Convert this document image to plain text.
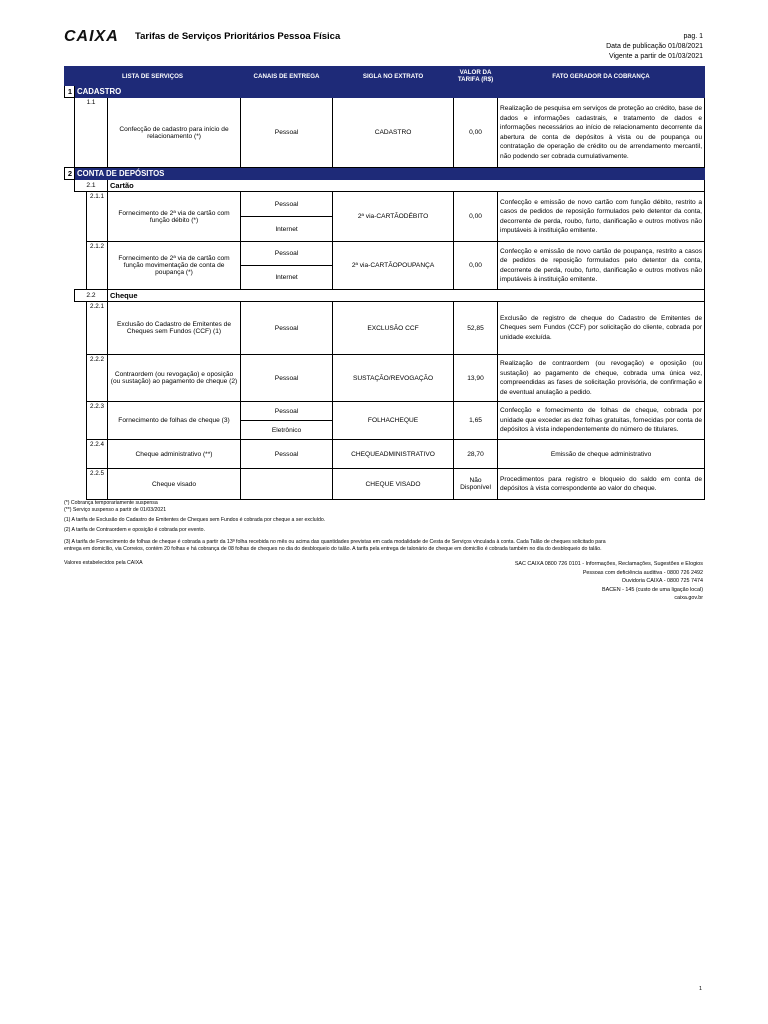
CAIXA Tarifas de Serviços Prioritários Pessoa Física	pag. 1
Data de publicação 01/08/2021
Vigente a partir de 01/03/2021
LISTA DE SERVIÇOS				CANAIS DE ENTREGA	SIGLA NO EXTRATO	VALOR DA TARIFA (R$)	FATO GERADOR DA COBRANÇA
1	CADASTRO						
	1.1		Confecção de cadastro para início de relacionamento (*)	Pessoal	CADASTRO	0,00	Realização de pesquisa em serviços de proteção ao crédito, base de dados e informações cadastrais, e tratamento de dados e informações necessários ao início de relacionamento decorrente da abertura de conta de depósitos à vista ou de poupança ou contratação de operação de crédito ou de arrendamento mercantil, não podendo ser cobrada cumulativamente.
2	CONTA DE DEPÓSITOS						
	2.1		Cartão				
		2.1.1	Fornecimento de 2ª via de cartão com função débito (*)	Pessoal	2ª via-CARTÃODÉBITO	0,00	Confecção e emissão de novo cartão com função débito, restrito a casos de pedidos de reposição formulados pelo detentor da conta, decorrente de perda, roubo, furto, danificação e outros motivos não imputáveis à instituição emitente.
				Internet			
		2.1.2	Fornecimento de 2ª via de cartão com função movimentação de conta de poupança (*)	Pessoal	2ª via-CARTÃOPOUPANÇA	0,00	Confecção e emissão de novo cartão de poupança, restrito a casos de pedidos de reposição formulados pelo detentor da conta, decorrente de perda, roubo, furto, danificação e outros motivos não imputáveis à instituição emitente.
				Internet			
	2.2		Cheque				
		2.2.1	Exclusão do Cadastro de Emitentes de Cheques sem Fundos (CCF) (1)	Pessoal	EXCLUSÃO CCF	52,85	Exclusão de registro de cheque do Cadastro de Emitentes de Cheques sem Fundos (CCF) por solicitação do cliente, cobrada por unidade excluída.
		2.2.2	Contraordem (ou revogação) e oposição (ou sustação) ao pagamento de cheque (2)	Pessoal	SUSTAÇÃO/REVOGAÇÃO	13,90	Realização de contraordem (ou revogação) e oposição (ou sustação) ao pagamento de cheque, cobrada uma única vez, compreendidas as fases de solicitação provisória, de confirmação e de eventual anulação a pedido.
		2.2.3	Fornecimento de folhas de cheque (3)	Pessoal	FOLHACHEQUE	1,65	Confecção e fornecimento de folhas de cheque, cobrada por unidade que exceder as dez folhas gratuitas, fornecidas por conta de depósitos à vista independentemente do número de titulares.
				Eletrônico			
		2.2.4	Cheque administrativo (**)	Pessoal	CHEQUEADMINISTRATIVO	28,70	Emissão de cheque administrativo
		2.2.5	Cheque visado		CHEQUE VISADO	Não Disponível	Procedimentos para registro e bloqueio do saldo em conta de depósitos à vista correspondente ao valor do cheque.
(*) Cobrança temporariamente suspensa
(**) Serviço suspenso a partir de 01/03/2021
(1) A tarifa de Exclusão do Cadastro de Emitentes de Cheques sem Fundos é cobrada por cheque a ser excluído.
(2) A tarifa de Contraordem e oposição é cobrada por evento.
(3) A tarifa de Fornecimento de folhas de cheque é cobrada a partir da 13ª folha recebida no mês ou acima das quantidades previstas em cada modalidade de Cesta de Serviços vinculada à conta. Cada Talão de cheques solicitado para
entrega em domicílio, via Correios, contém 20 folhas e há cobrança de 08 folhas de cheques no dia do desbloqueio do talão. A tarifa pela entrega de talonário de cheque em domicílio é cobrada também no dia do desbloqueio do talão.
Valores estabelecidos pela CAIXA	SAC CAIXA 0800 726 0101 - Informações, Reclamações, Sugestões e Elogios
Pessoas com deficiência auditiva - 0800 726 2492
Ouvidoria CAIXA - 0800 725 7474
BACEN - 145 (custo de uma ligação local)
caixa.gov.br
1
